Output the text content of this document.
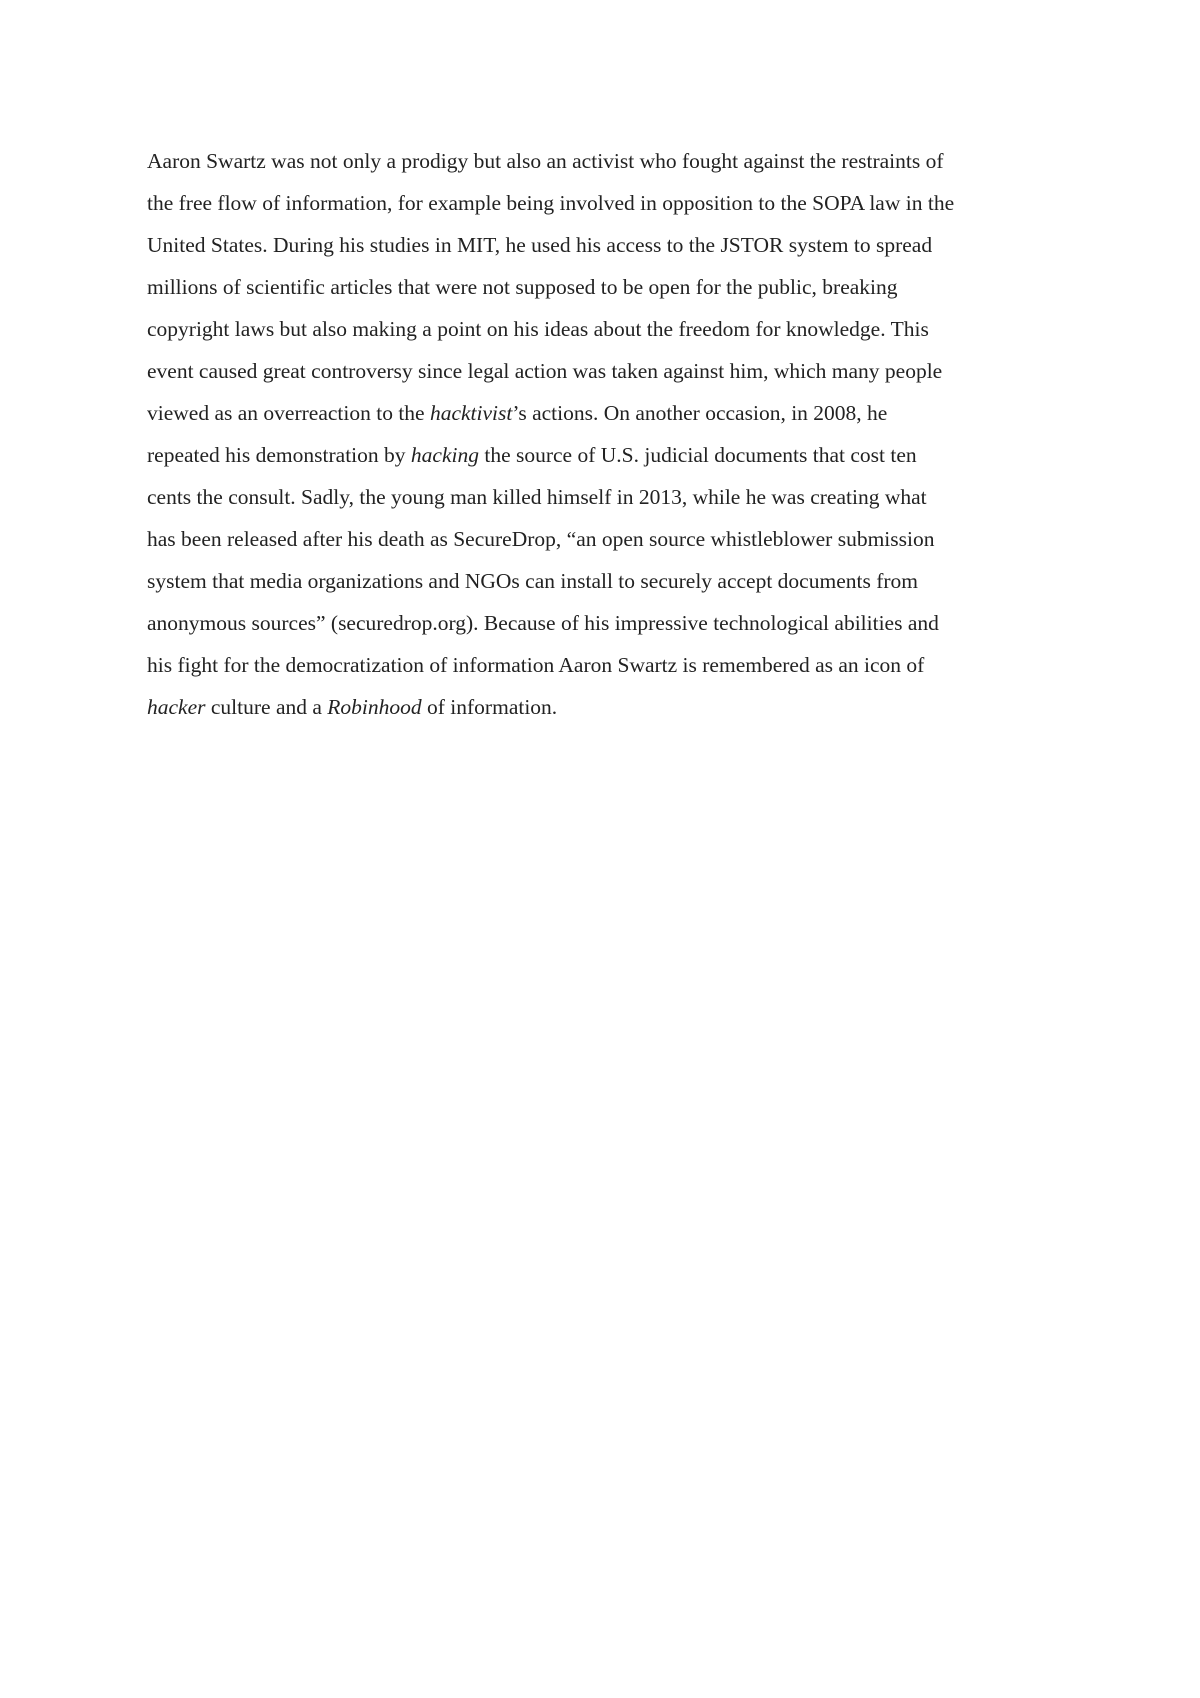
Aaron Swartz was not only a prodigy but also an activist who fought against the restraints of
the free flow of information, for example being involved in opposition to the SOPA law in the
United States. During his studies in MIT, he used his access to the JSTOR system to spread
millions of scientific articles that were not supposed to be open for the public, breaking
copyright laws but also making a point on his ideas about the freedom for knowledge. This
event caused great controversy since legal action was taken against him, which many people
viewed as an overreaction to the hacktivist’s actions. On another occasion, in 2008, he
repeated his demonstration by hacking the source of U.S. judicial documents that cost ten
cents the consult. Sadly, the young man killed himself in 2013, while he was creating what
has been released after his death as SecureDrop, “an open source whistleblower submission
system that media organizations and NGOs can install to securely accept documents from
anonymous sources” (securedrop.org). Because of his impressive technological abilities and
his fight for the democratization of information Aaron Swartz is remembered as an icon of
hacker culture and a Robinhood of information.
